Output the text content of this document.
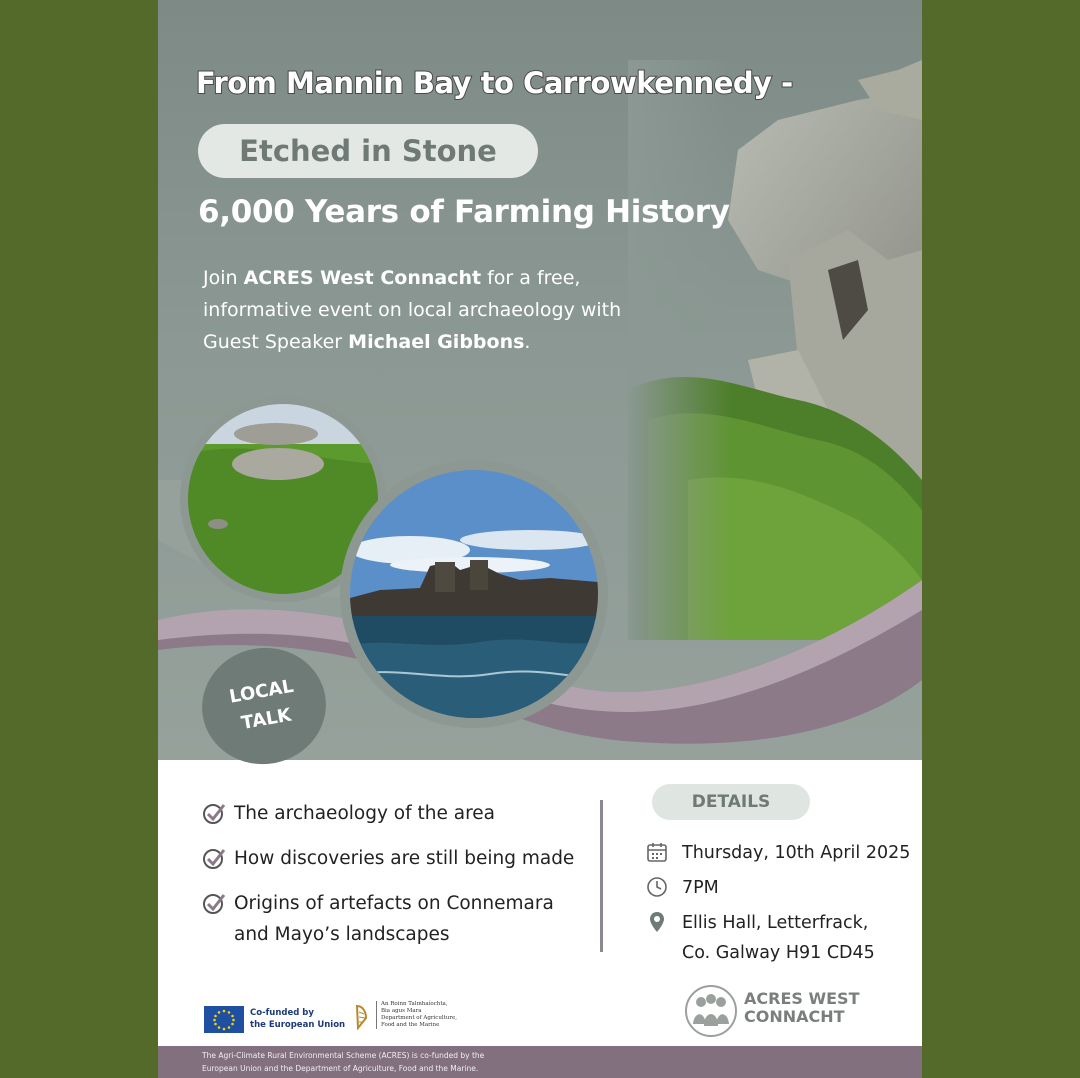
From Mannin Bay to Carrowkennedy -
Etched in Stone
6,000 Years of Farming History
Join ACRES West Connacht for a free, informative event on local archaeology with Guest Speaker Michael Gibbons.
LOCAL
TALK
The archaeology of the area
How discoveries are still being made
Origins of artefacts on Connemara and Mayo’s landscapes
DETAILS
Thursday, 10th April 2025
7PM
Ellis Hall, Letterfrack,
Co. Galway H91 CD45
Co-funded by
the European Union
An Roinn Talmhaíochta,
Bia agus Mara
Department of Agriculture,
Food and the Marine
ACRES WEST
CONNACHT
The Agri-Climate Rural Environmental Scheme (ACRES) is co-funded by the
European Union and the Department of Agriculture, Food and the Marine.
